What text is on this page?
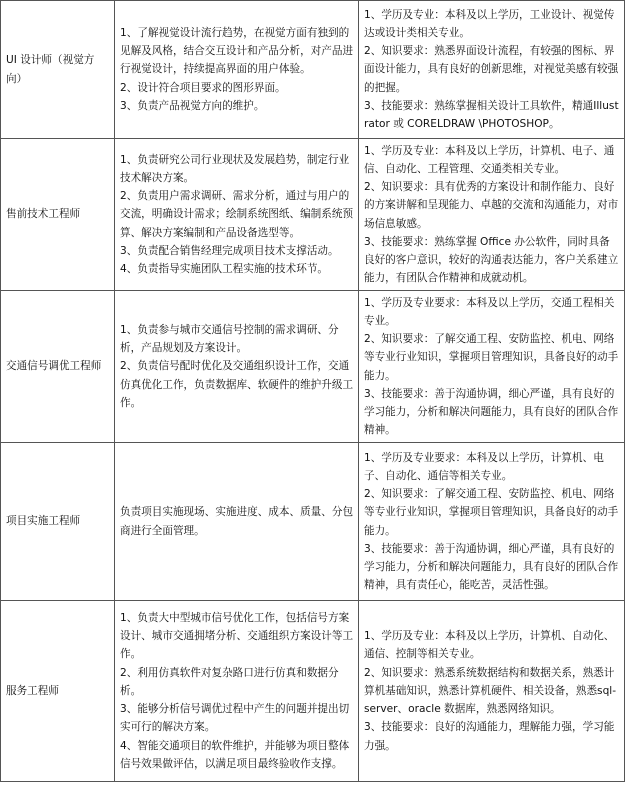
UI 设计师（视觉方向）	1、了解视觉设计流行趋势，在视觉方面有独到的见解及风格，结合交互设计和产品分析，对产品进行视觉设计，持续提高界面的用户体验。
2、设计符合项目要求的图形界面。
3、负责产品视觉方向的维护。	1、学历及专业：本科及以上学历，工业设计、视觉传达或设计类相关专业。
2、知识要求：熟悉界面设计流程，有较强的图标、界面设计能力，具有良好的创新思维，对视觉美感有较强的把握。
3、技能要求：熟练掌握相关设计工具软件，精通Illustrator 或 CORELDRAW \PHOTOSHOP。

售前技术工程师	1、负责研究公司行业现状及发展趋势，制定行业技术解决方案。
2、负责用户需求调研、需求分析，通过与用户的交流，明确设计需求；绘制系统图纸、编制系统预算、解决方案编制和产品设备选型等。
3、负责配合销售经理完成项目技术支撑活动。
4、负责指导实施团队工程实施的技术环节。	1、学历及专业：本科及以上学历，计算机、电子、通信、自动化、工程管理、交通类相关专业。
2、知识要求：具有优秀的方案设计和制作能力、良好的方案讲解和呈现能力、卓越的交流和沟通能力，对市场信息敏感。
3、技能要求：熟练掌握 Office 办公软件，同时具备良好的客户意识，较好的沟通表达能力，客户关系建立能力，有团队合作精神和成就动机。

交通信号调优工程师	1、负责参与城市交通信号控制的需求调研、分析，产品规划及方案设计。
2、负责信号配时优化及交通组织设计工作，交通仿真优化工作，负责数据库、软硬件的维护升级工作。	1、学历及专业要求：本科及以上学历，交通工程相关专业。
2、知识要求：了解交通工程、安防监控、机电、网络等专业行业知识，掌握项目管理知识，具备良好的动手能力。
3、技能要求：善于沟通协调，细心严谨，具有良好的学习能力，分析和解决问题能力，具有良好的团队合作精神。

项目实施工程师	负责项目实施现场、实施进度、成本、质量、分包商进行全面管理。	1、学历及专业要求：本科及以上学历，计算机、电子、自动化、通信等相关专业。
2、知识要求：了解交通工程、安防监控、机电、网络等专业行业知识，掌握项目管理知识，具备良好的动手能力。
3、技能要求：善于沟通协调，细心严谨，具有良好的学习能力，分析和解决问题能力，具有良好的团队合作精神，具有责任心，能吃苦，灵活性强。

服务工程师	1、负责大中型城市信号优化工作，包括信号方案设计、城市交通拥堵分析、交通组织方案设计等工作。
2、利用仿真软件对复杂路口进行仿真和数据分析。
3、能够分析信号调优过程中产生的问题并提出切实可行的解决方案。
4、智能交通项目的软件维护，并能够为项目整体信号效果做评估，以满足项目最终验收作支撑。	1、学历及专业：本科及以上学历，计算机、自动化、通信、控制等相关专业。
2、知识要求：熟悉系统数据结构和数据关系，熟悉计算机基础知识，熟悉计算机硬件、相关设备，熟悉sql-server、oracle 数据库，熟悉网络知识。
3、技能要求：良好的沟通能力，理解能力强，学习能力强。
